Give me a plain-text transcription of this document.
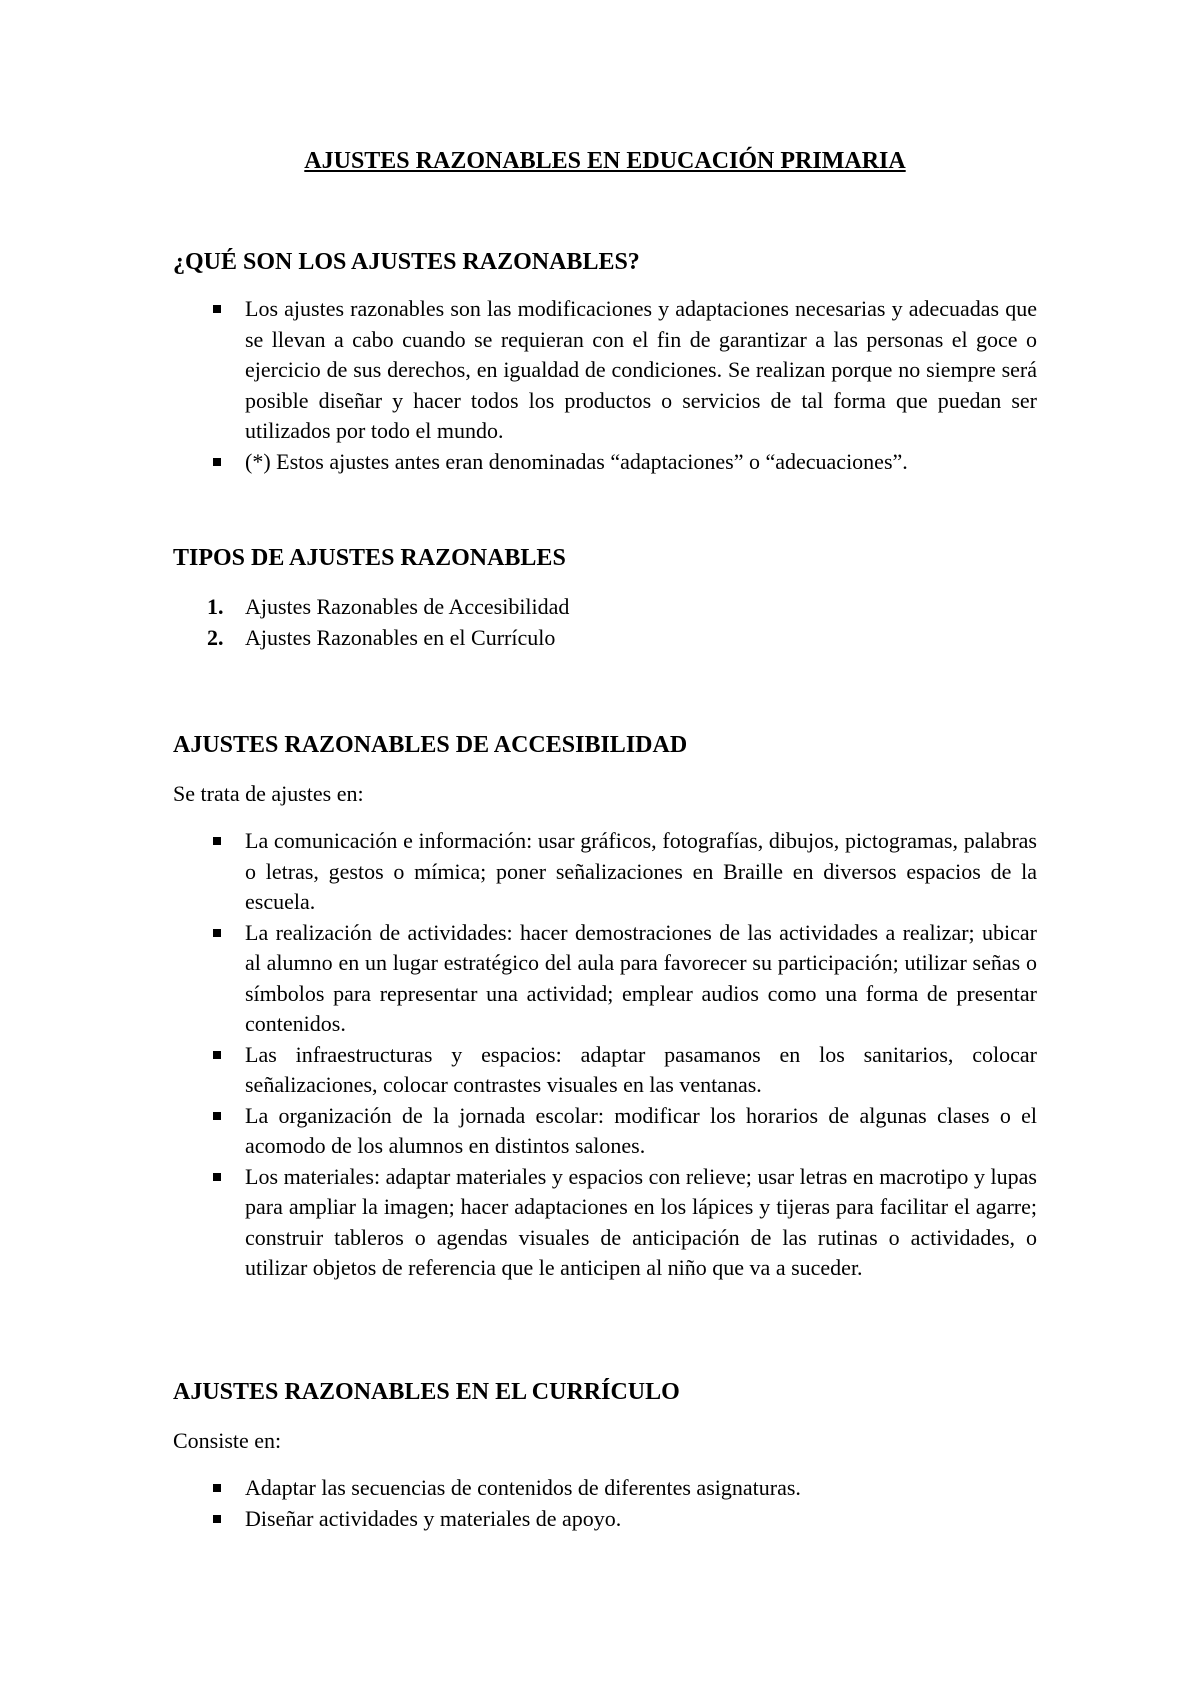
AJUSTES RAZONABLES EN EDUCACIÓN PRIMARIA
¿QUÉ SON LOS AJUSTES RAZONABLES?
Los ajustes razonables son las modificaciones y adaptaciones necesarias y adecuadas que se llevan a cabo cuando se requieran con el fin de garantizar a las personas el goce o ejercicio de sus derechos, en igualdad de condiciones. Se realizan porque no siempre será posible diseñar y hacer todos los productos o servicios de tal forma que puedan ser utilizados por todo el mundo.
(*) Estos ajustes antes eran denominadas “adaptaciones” o “adecuaciones”.
TIPOS DE AJUSTES RAZONABLES
1. Ajustes Razonables de Accesibilidad
2. Ajustes Razonables en el Currículo
AJUSTES RAZONABLES DE ACCESIBILIDAD

Se trata de ajustes en:

La comunicación e información: usar gráficos, fotografías, dibujos, pictogramas, palabras o letras, gestos o mímica; poner señalizaciones en Braille en diversos espacios de la escuela.
La realización de actividades: hacer demostraciones de las actividades a realizar; ubicar al alumno en un lugar estratégico del aula para favorecer su participación; utilizar señas o símbolos para representar una actividad; emplear audios como una forma de presentar contenidos.
Las infraestructuras y espacios: adaptar pasamanos en los sanitarios, colocar señalizaciones, colocar contrastes visuales en las ventanas.
La organización de la jornada escolar: modificar los horarios de algunas clases o el acomodo de los alumnos en distintos salones.
Los materiales: adaptar materiales y espacios con relieve; usar letras en macrotipo y lupas para ampliar la imagen; hacer adaptaciones en los lápices y tijeras para facilitar el agarre; construir tableros o agendas visuales de anticipación de las rutinas o actividades, o utilizar objetos de referencia que le anticipen al niño que va a suceder.
AJUSTES RAZONABLES EN EL CURRÍCULO

Consiste en:

Adaptar las secuencias de contenidos de diferentes asignaturas.
Diseñar actividades y materiales de apoyo.
